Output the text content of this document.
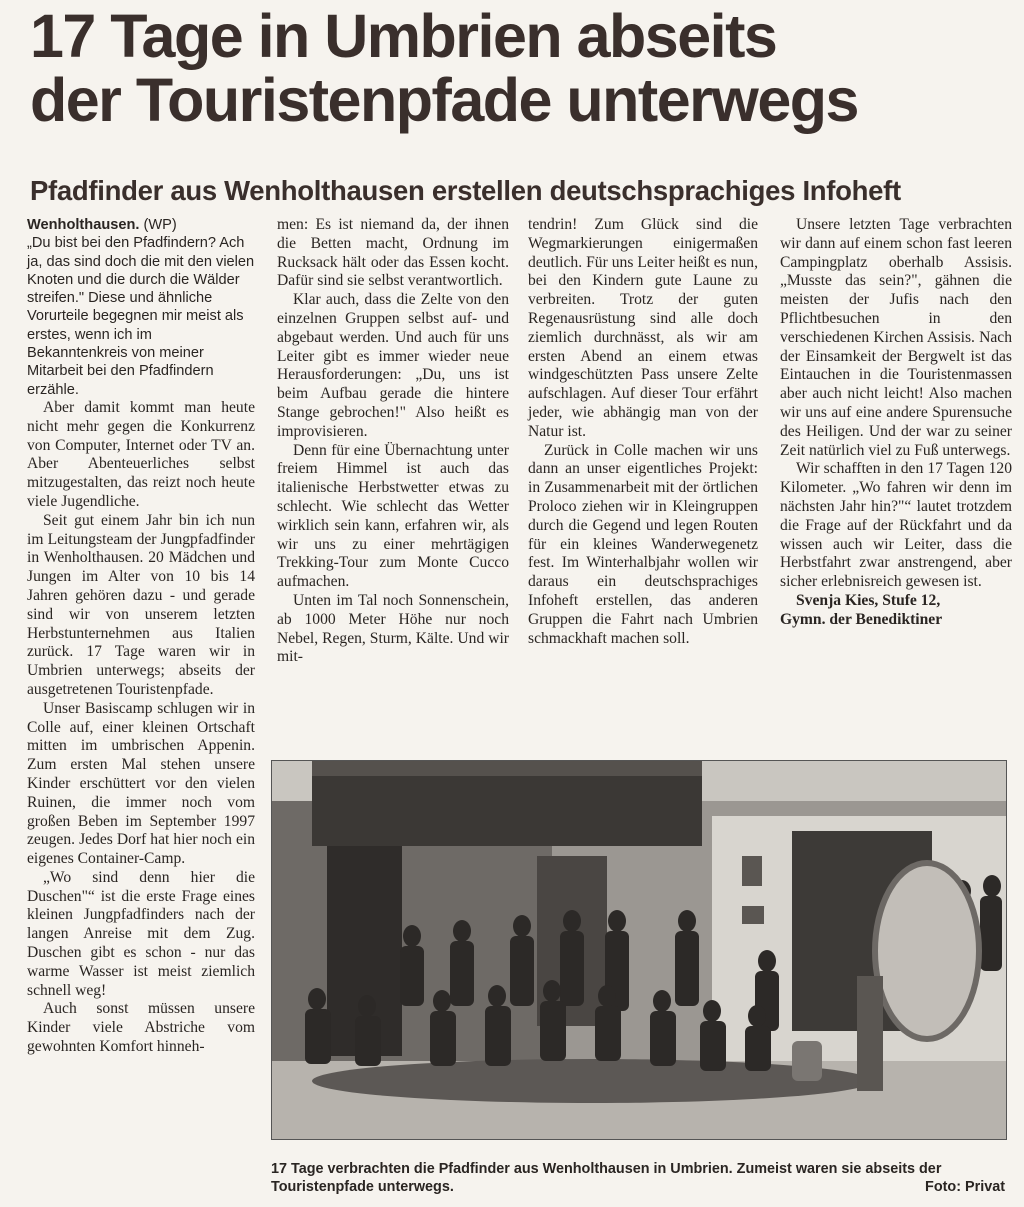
17 Tage in Umbrien abseits
der Touristenpfade unterwegs
Pfadfinder aus Wenholthausen erstellen deutschsprachiges Infoheft

Wenholthausen. (WP)
„Du bist bei den Pfadfindern? Ach ja, das sind doch die mit den vielen Knoten und die durch die Wälder streifen." Diese und ähnliche Vorurteile begegnen mir meist als erstes, wenn ich im Bekanntenkreis von meiner Mitarbeit bei den Pfadfindern erzähle.

Aber damit kommt man heute nicht mehr gegen die Konkurrenz von Computer, Internet oder TV an. Aber Abenteuerliches selbst mitzugestalten, das reizt noch heute viele Jugendliche.

Seit gut einem Jahr bin ich nun im Leitungsteam der Jungpfadfinder in Wenholthausen. 20 Mädchen und Jungen im Alter von 10 bis 14 Jahren gehören dazu - und gerade sind wir von unserem letzten Herbstunternehmen aus Italien zurück. 17 Tage waren wir in Umbrien unterwegs; abseits der ausgetretenen Touristenpfade.

Unser Basiscamp schlugen wir in Colle auf, einer kleinen Ortschaft mitten im umbrischen Appenin. Zum ersten Mal stehen unsere Kinder erschüttert vor den vielen Ruinen, die immer noch vom großen Beben im September 1997 zeugen. Jedes Dorf hat hier noch ein eigenes Container-Camp.

„Wo sind denn hier die Duschen"“ ist die erste Frage eines kleinen Jungpfadfinders nach der langen Anreise mit dem Zug. Duschen gibt es schon - nur das warme Wasser ist meist ziemlich schnell weg!

Auch sonst müssen unsere Kinder viele Abstriche vom gewohnten Komfort hinneh-

men: Es ist niemand da, der ihnen die Betten macht, Ordnung im Rucksack hält oder das Essen kocht. Dafür sind sie selbst verantwortlich.

Klar auch, dass die Zelte von den einzelnen Gruppen selbst auf- und abgebaut werden. Und auch für uns Leiter gibt es immer wieder neue Herausforderungen: „Du, uns ist beim Aufbau gerade die hintere Stange gebrochen!" Also heißt es improvisieren.

Denn für eine Übernachtung unter freiem Himmel ist auch das italienische Herbstwetter etwas zu schlecht. Wie schlecht das Wetter wirklich sein kann, erfahren wir, als wir uns zu einer mehrtägigen Trekking-Tour zum Monte Cucco aufmachen.

Unten im Tal noch Sonnenschein, ab 1000 Meter Höhe nur noch Nebel, Regen, Sturm, Kälte. Und wir mit-

tendrin! Zum Glück sind die Wegmarkierungen einigermaßen deutlich. Für uns Leiter heißt es nun, bei den Kindern gute Laune zu verbreiten. Trotz der guten Regenausrüstung sind alle doch ziemlich durchnässt, als wir am ersten Abend an einem etwas windgeschützten Pass unsere Zelte aufschlagen. Auf dieser Tour erfährt jeder, wie abhängig man von der Natur ist.

Zurück in Colle machen wir uns dann an unser eigentliches Projekt: in Zusammenarbeit mit der örtlichen Proloco ziehen wir in Kleingruppen durch die Gegend und legen Routen für ein kleines Wanderwegenetz fest. Im Winterhalbjahr wollen wir daraus ein deutschsprachiges Infoheft erstellen, das anderen Gruppen die Fahrt nach Umbrien schmackhaft machen soll.

Unsere letzten Tage verbrachten wir dann auf einem schon fast leeren Campingplatz oberhalb Assisis. „Musste das sein?", gähnen die meisten der Jufis nach den Pflichtbesuchen in den verschiedenen Kirchen Assisis. Nach der Einsamkeit der Bergwelt ist das Eintauchen in die Touristenmassen aber auch nicht leicht! Also machen wir uns auf eine andere Spurensuche des Heiligen. Und der war zu seiner Zeit natürlich viel zu Fuß unterwegs.

Wir schafften in den 17 Tagen 120 Kilometer. „Wo fahren wir denn im nächsten Jahr hin?"“ lautet trotzdem die Frage auf der Rückfahrt und da wissen auch wir Leiter, dass die Herbstfahrt zwar anstrengend, aber sicher erlebnisreich gewesen ist.

Svenja Kies, Stufe 12,
Gymn. der Benediktiner

17 Tage verbrachten die Pfadfinder aus Wenholthausen in Umbrien. Zumeist waren sie abseits der Touristenpfade unterwegs.	Foto: Privat
